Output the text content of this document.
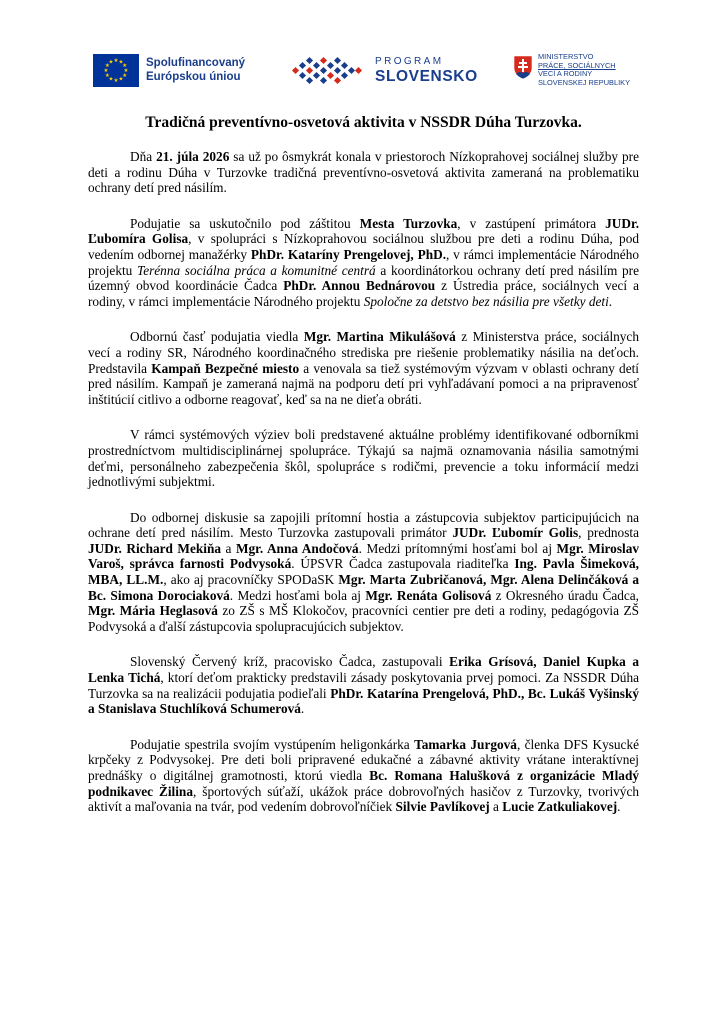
★ ★
★
★
★
★
★
★
★
★
★
★	Spolufinancovaný
Európskou úniou
PROGRAM
SLOVENSKO
MINISTERSTVO
PRÁCE, SOCIÁLNYCH
VECÍ A RODINY
SLOVENSKEJ REPUBLIKY
Tradičná preventívno-osvetová aktivita v NSSDR Dúha Turzovka.

Dňa 21. júla 2026 sa už po ôsmykrát konala v priestoroch Nízkoprahovej sociálnej služby pre deti a rodinu Dúha v Turzovke tradičná preventívno-osvetová aktivita zameraná na problematiku ochrany detí pred násilím.

Podujatie sa uskutočnilo pod záštitou Mesta Turzovka, v zastúpení primátora JUDr. Ľubomíra Golisa, v spolupráci s Nízkoprahovou sociálnou službou pre deti a rodinu Dúha, pod vedením odbornej manažérky PhDr. Kataríny Prengelovej, PhD., v rámci implementácie Národného projektu Terénna sociálna práca a komunitné centrá a koordinátorkou ochrany detí pred násilím pre územný obvod koordinácie Čadca PhDr. Annou Bednárovou z Ústredia práce, sociálnych vecí a rodiny, v rámci implementácie Národného projektu Spoločne za detstvo bez násilia pre všetky deti.

Odbornú časť podujatia viedla Mgr. Martina Mikulášová z Ministerstva práce, sociálnych vecí a rodiny SR, Národného koordinačného strediska pre riešenie problematiky násilia na deťoch. Predstavila Kampaň Bezpečné miesto a venovala sa tiež systémovým výzvam v oblasti ochrany detí pred násilím. Kampaň je zameraná najmä na podporu detí pri vyhľadávaní pomoci a na pripravenosť inštitúcií citlivo a odborne reagovať, keď sa na ne dieťa obráti.

V rámci systémových výziev boli predstavené aktuálne problémy identifikované odborníkmi prostredníctvom multidisciplinárnej spolupráce. Týkajú sa najmä oznamovania násilia samotnými deťmi, personálneho zabezpečenia škôl, spolupráce s rodičmi, prevencie a toku informácií medzi jednotlivými subjektmi.

Do odbornej diskusie sa zapojili prítomní hostia a zástupcovia subjektov participujúcich na ochrane detí pred násilím. Mesto Turzovka zastupovali primátor JUDr. Ľubomír Golis, prednosta JUDr. Richard Mekiňa a Mgr. Anna Andočová. Medzi prítomnými hosťami bol aj Mgr. Miroslav Varoš, správca farnosti Podvysoká. ÚPSVR Čadca zastupovala riaditeľka Ing. Pavla Šimeková, MBA, LL.M., ako aj pracovníčky SPODaSK Mgr. Marta Zubričanová, Mgr. Alena Delinčáková a Bc. Simona Dorociaková. Medzi hosťami bola aj Mgr. Renáta Golisová z Okresného úradu Čadca, Mgr. Mária Heglasová zo ZŠ s MŠ Klokočov, pracovníci centier pre deti a rodiny, pedagógovia ZŠ Podvysoká a ďalší zástupcovia spolupracujúcich subjektov.

Slovenský Červený kríž, pracovisko Čadca, zastupovali Erika Grísová, Daniel Kupka a Lenka Tichá, ktorí deťom prakticky predstavili zásady poskytovania prvej pomoci. Za NSSDR Dúha Turzovka sa na realizácii podujatia podieľali PhDr. Katarína Prengelová, PhD., Bc. Lukáš Vyšinský a Stanislava Stuchlíková Schumerová.

Podujatie spestrila svojím vystúpením heligonkárka Tamarka Jurgová, členka DFS Kysucké krpčeky z Podvysokej. Pre deti boli pripravené edukačné a zábavné aktivity vrátane interaktívnej prednášky o digitálnej gramotnosti, ktorú viedla Bc. Romana Halušková z organizácie Mladý podnikavec Žilina, športových súťaží, ukážok práce dobrovoľných hasičov z Turzovky, tvorivých aktivít a maľovania na tvár, pod vedením dobrovoľníčiek Silvie Pavlíkovej a Lucie Zatkuliakovej.
